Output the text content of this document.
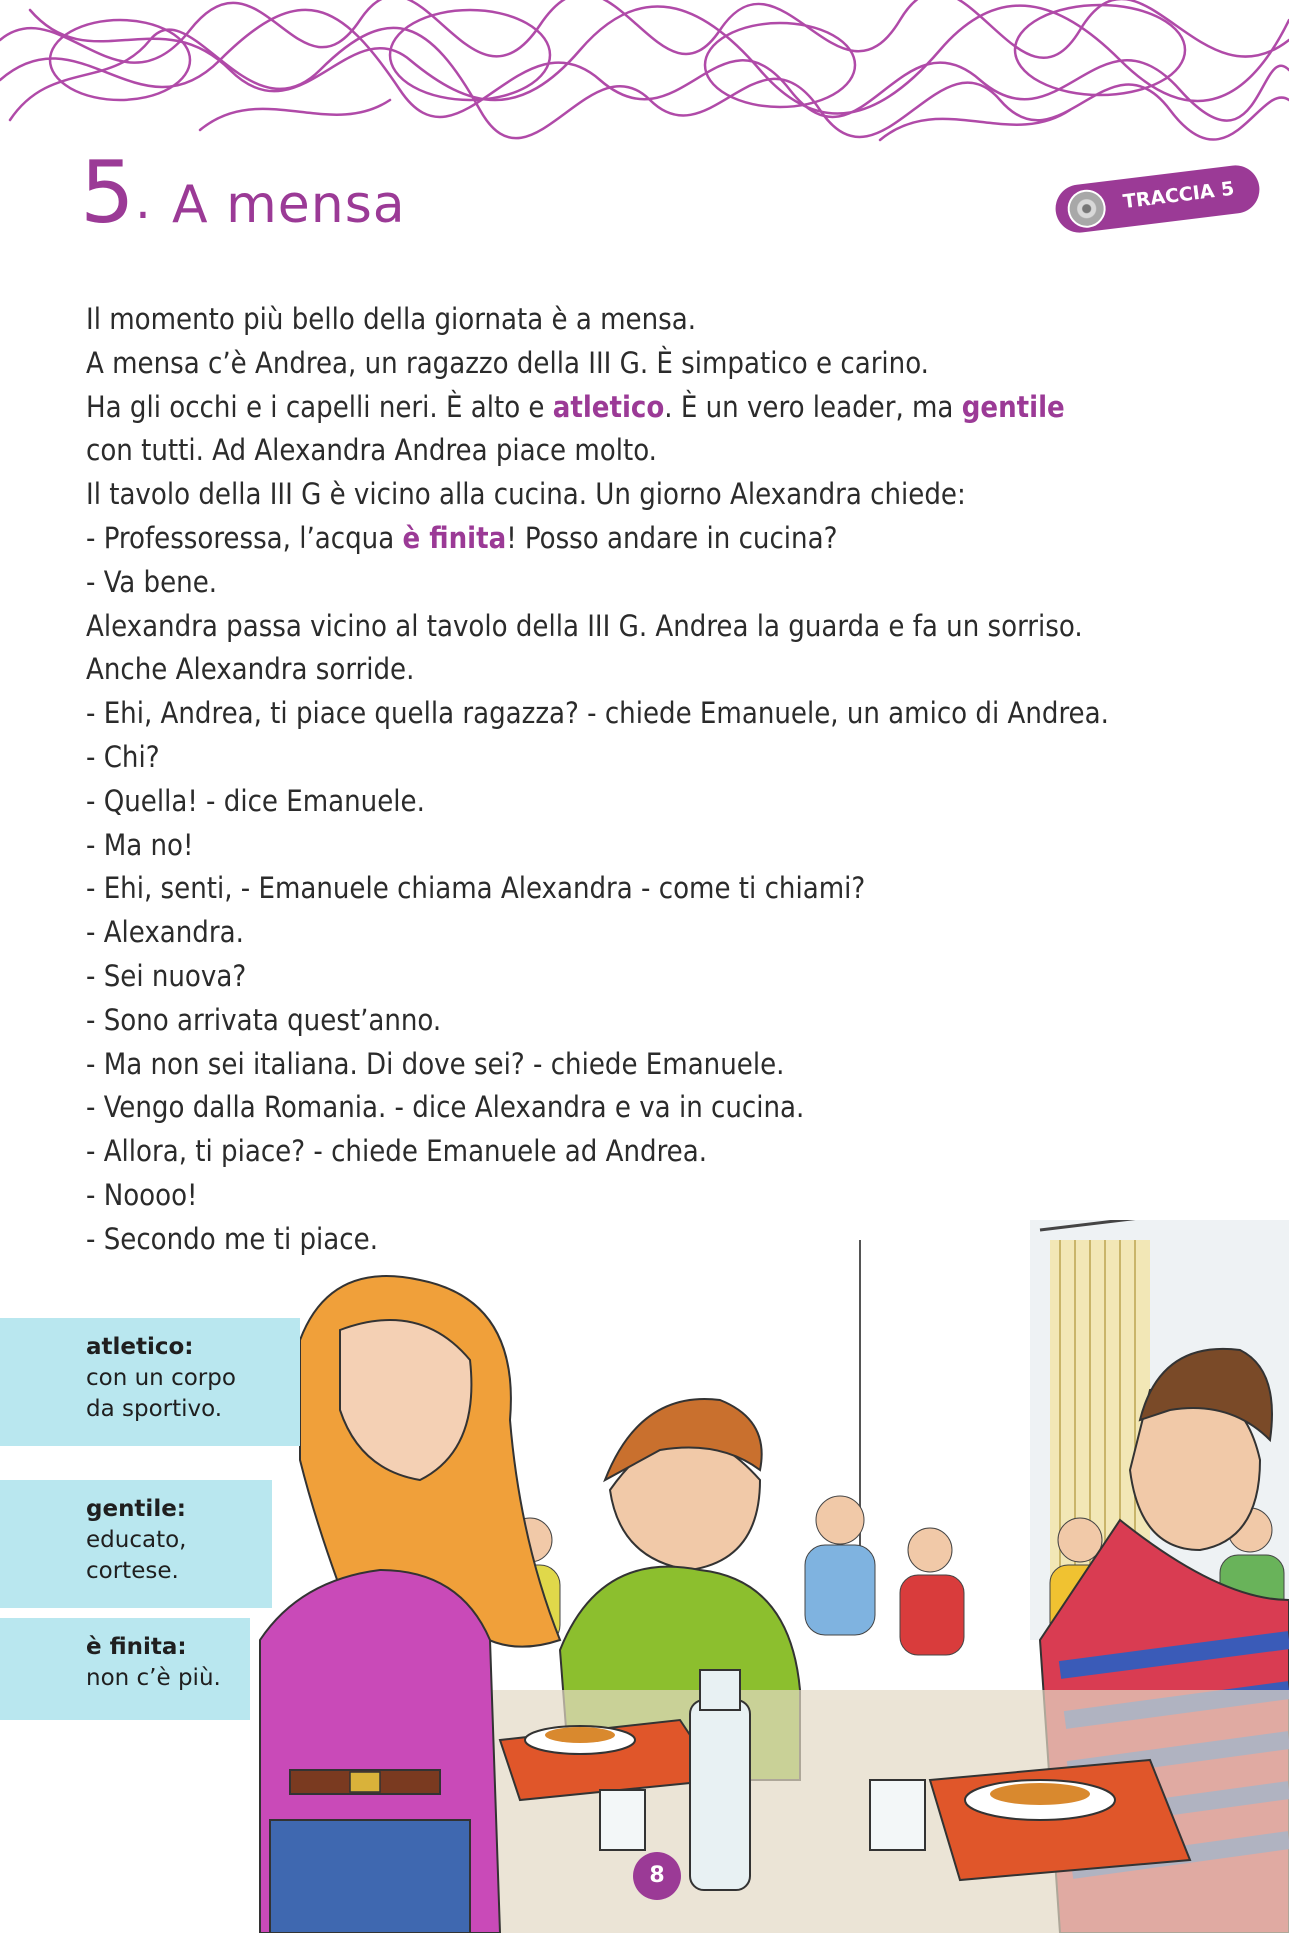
5 . A mensa	TRACCIA 5
Il momento più bello della giornata è a mensa.
A mensa c’è Andrea, un ragazzo della III G. È simpatico e carino.
Ha gli occhi e i capelli neri. È alto e atletico. È un vero leader, ma gentile
con tutti. Ad Alexandra Andrea piace molto.
Il tavolo della III G è vicino alla cucina. Un giorno Alexandra chiede:
- Professoressa, l’acqua è finita! Posso andare in cucina?
- Va bene.
Alexandra passa vicino al tavolo della III G. Andrea la guarda e fa un sorriso.
Anche Alexandra sorride.
- Ehi, Andrea, ti piace quella ragazza? - chiede Emanuele, un amico di Andrea.
- Chi?
- Quella! - dice Emanuele.
- Ma no!
- Ehi, senti, - Emanuele chiama Alexandra - come ti chiami?
- Alexandra.
- Sei nuova?
- Sono arrivata quest’anno.
- Ma non sei italiana. Di dove sei? - chiede Emanuele.
- Vengo dalla Romania. - dice Alexandra e va in cucina.
- Allora, ti piace? - chiede Emanuele ad Andrea.
- Noooo!
- Secondo me ti piace.
atletico:
con un corpo
da sportivo.
gentile:
educato,
cortese.
è finita:
non c’è più.
8
